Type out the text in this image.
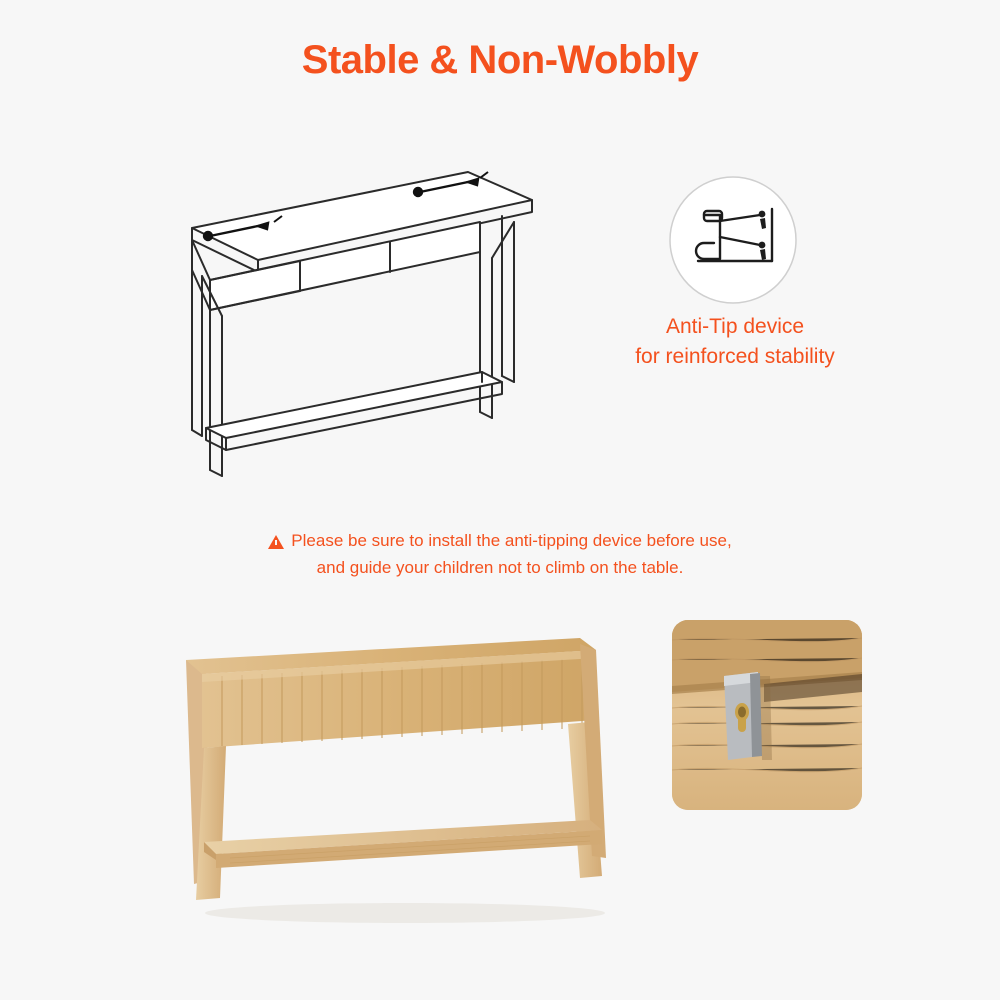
Stable & Non-Wobbly
Anti-Tip device
for reinforced stability
Please be sure to install the anti-tipping device before use,
and guide your children not to climb on the table.
